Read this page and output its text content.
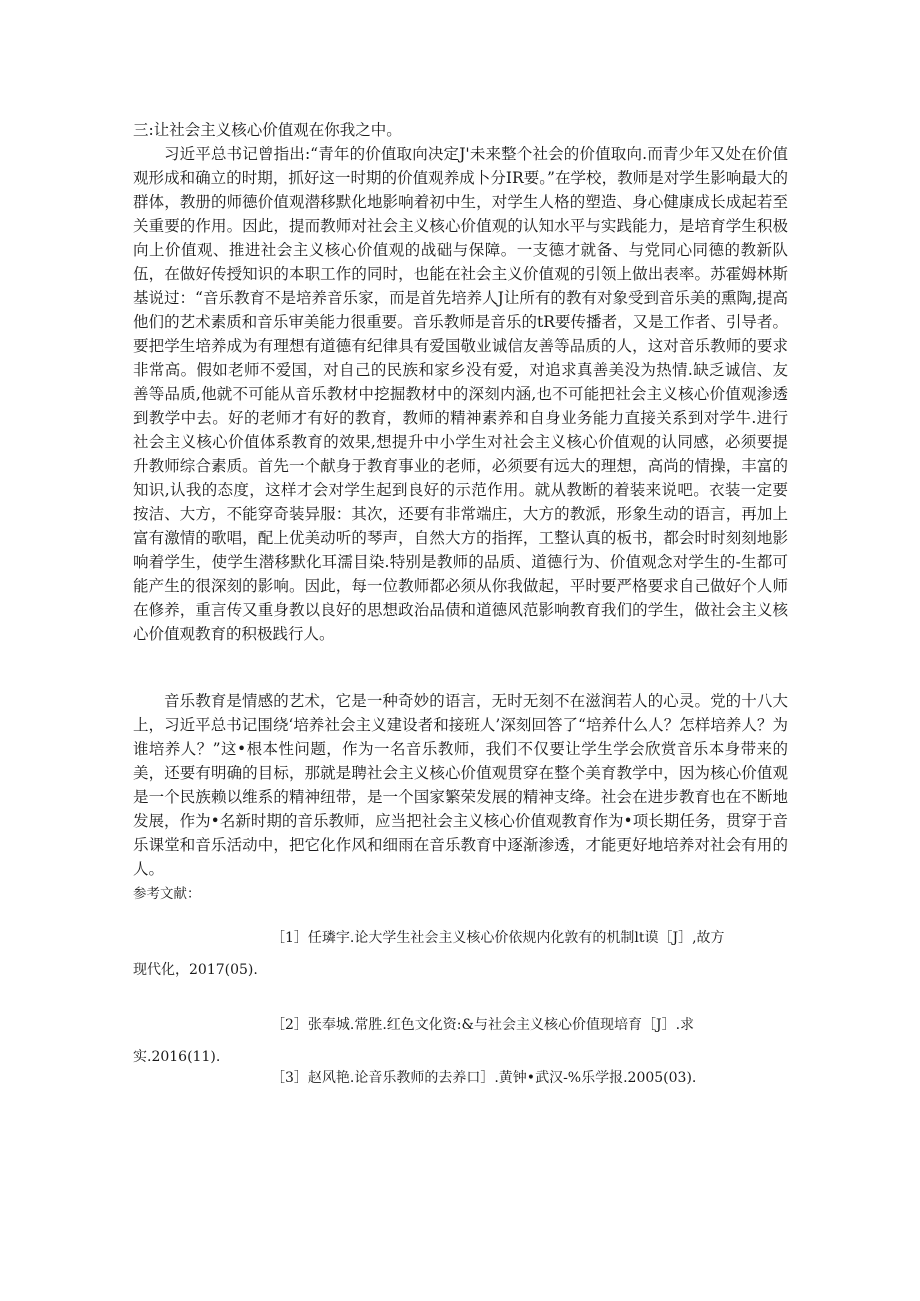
三:让社会主义核心价值观在你我之中。

习近平总书记曾指出:“青年的价值取向决定J'未来整个社会的价值取向.而青少年又处在价值观形成和确立的时期，抓好这一时期的价值观养成卜分IR要。”在学校，教师是对学生影响最大的群体，教册的师德价值观潜移默化地影响着初中生，对学生人格的塑造、身心健康成长成起若至关重要的作用。因此，提而教师对社会主义核心价值观的认知水平与实践能力，是培育学生积极向上价值观、推进社会主义核心价值观的战础与保障。一支德才就备、与党同心同德的教新队伍，在做好传授知识的本职工作的同时，也能在社会主义价值观的引领上做出表率。苏霍姆林斯基说过：“音乐教育不是培养音乐家，而是首先培养人J让所有的教有对象受到音乐美的熏陶,提高他们的艺术素质和音乐审美能力很重要。音乐教师是音乐的tR要传播者，又是工作者、引导者。要把学生培养成为有理想有道德有纪律具有爱国敬业诚信友善等品质的人，这对音乐教师的要求非常高。假如老师不爱国，对自己的民族和家乡没有爱，对追求真善美没为热情.缺乏诚信、友善等品质,他就不可能从音乐教材中挖掘教材中的深刻内涵,也不可能把社会主义核心价值观渗透到教学中去。好的老师才有好的教育，教师的精神素养和自身业务能力直接关系到对学牛.进行社会主义核心价值体系教育的效果,想提升中小学生对社会主义核心价值观的认同感，必须要提升教师综合素质。首先一个献身于教育事业的老师，必须要有远大的理想，高尚的情操，丰富的知识,认我的态度，这样才会对学生起到良好的示范作用。就从教断的着装来说吧。衣装一定要按洁、大方，不能穿奇装异服：其次，还要有非常端庄，大方的教派，形象生动的语言，再加上富有激情的歌唱，配上优美动听的琴声，自然大方的指挥，工整认真的板书，都会时时刻刻地影响着学生，使学生潜移默化耳濡目染.特别是教师的品质、道德行为、价值观念对学生的-生都可能产生的很深刻的影响。因此，每一位教师都必须从你我做起，平时要严格要求自己做好个人师在修养，重言传又重身教以良好的思想政治品债和道德风范影响教育我们的学生，做社会主义核心价值观教育的积极践行人。

音乐教育是情感的艺术，它是一种奇妙的语言，无时无刻不在滋润若人的心灵。党的十八大上，习近平总书记围绕‘培养社会主义建设者和接班人’深刻回答了“培养什么人？怎样培养人？为谁培养人？”这•根本性问题，作为一名音乐教师，我们不仅要让学生学会欣赏音乐本身带来的美，还要有明确的目标，那就是聘社会主义核心价值观贯穿在整个美育教学中，因为核心价值观是一个民族赖以维系的精神纽带，是一个国家繁荣发展的精神支绛。社会在进步教育也在不断地发展，作为•名新时期的音乐教师，应当把社会主义核心价值观教育作为•项长期任务，贯穿于音乐课堂和音乐活动中，把它化作风和细雨在音乐教育中逐渐渗透，才能更好地培养对社会有用的人。

参考文献：

［1］任璘宇.论大学生社会主义核心价依规内化敦有的机制lt谟［J］,故方
现代化，2017(05).

［2］张奉城.常胜.红色文化资:&与社会主义核心价值现培育［J］.求
实.2016(11).

［3］赵风艳.论音乐教师的去养口］.黄钟•武汉-%乐学报.2005(03).
